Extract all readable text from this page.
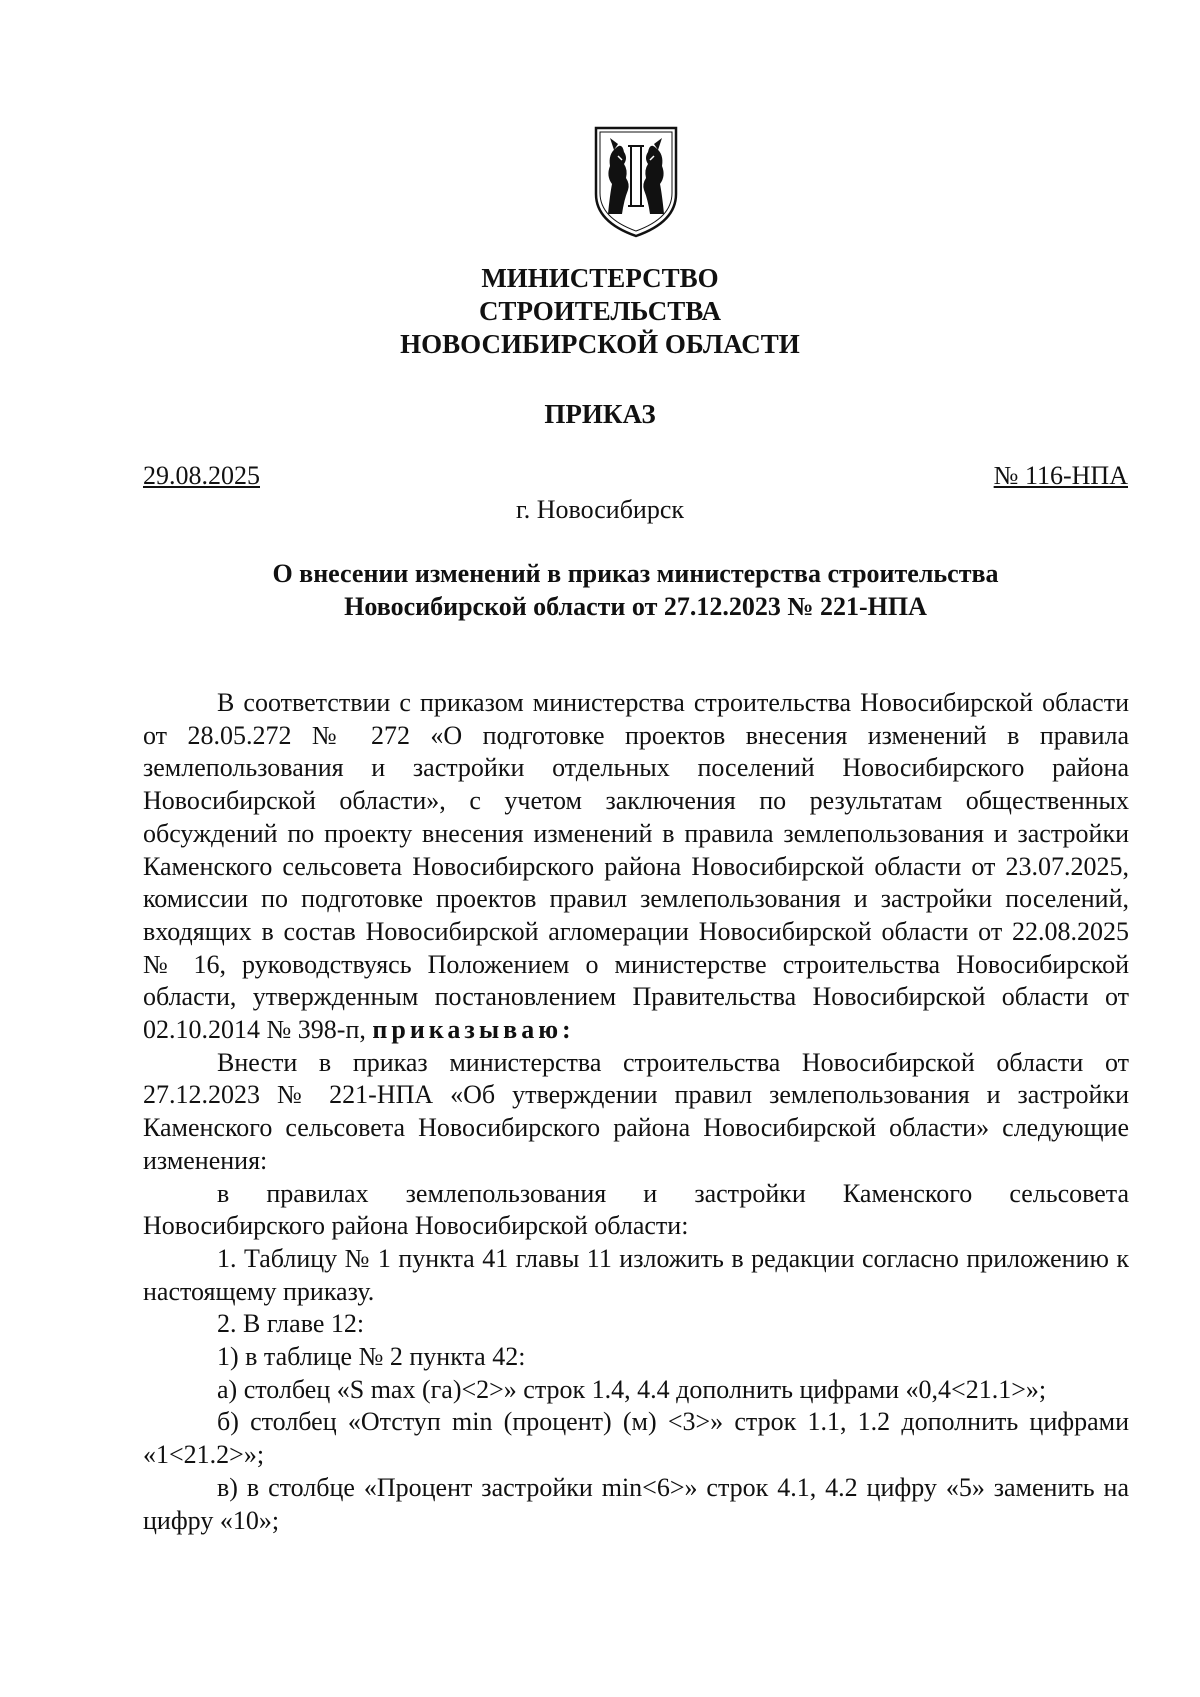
МИНИСТЕРСТВО
СТРОИТЕЛЬСТВА
НОВОСИБИРСКОЙ ОБЛАСТИ
ПРИКАЗ
29.08.2025	№ 116-НПА
г. Новосибирск
О внесении изменений в приказ министерства строительства
Новосибирской области от 27.12.2023 № 221-НПА

В соответствии с приказом министерства строительства Новосибирской области от 28.05.272 № 272 «О подготовке проектов внесения изменений в правила землепользования и застройки отдельных поселений Новосибирского района Новосибирской области», с учетом заключения по результатам общественных обсуждений по проекту внесения изменений в правила землепользования и застройки Каменского сельсовета Новосибирского района Новосибирской области от 23.07.2025, комиссии по подготовке проектов правил землепользования и застройки поселений, входящих в состав Новосибирской агломерации Новосибирской области от 22.08.2025 № 16, руководствуясь Положением о министерстве строительства Новосибирской области, утвержденным постановлением Правительства Новосибирской области от 02.10.2014 № 398-п, приказываю:

Внести в приказ министерства строительства Новосибирской области от 27.12.2023 № 221-НПА «Об утверждении правил землепользования и застройки Каменского сельсовета Новосибирского района Новосибирской области» следующие изменения:

в правилах землепользования и застройки Каменского сельсовета Новосибирского района Новосибирской области:

1. Таблицу № 1 пункта 41 главы 11 изложить в редакции согласно приложению к настоящему приказу.

2. В главе 12:

1) в таблице № 2 пункта 42:

а) столбец «S max (га)<2>» строк 1.4, 4.4 дополнить цифрами «0,4<21.1>»;

б) столбец «Отступ min (процент) (м) <3>» строк 1.1, 1.2 дополнить цифрами «1<21.2>»;

в) в столбце «Процент застройки min<6>» строк 4.1, 4.2 цифру «5» заменить на цифру «10»;
